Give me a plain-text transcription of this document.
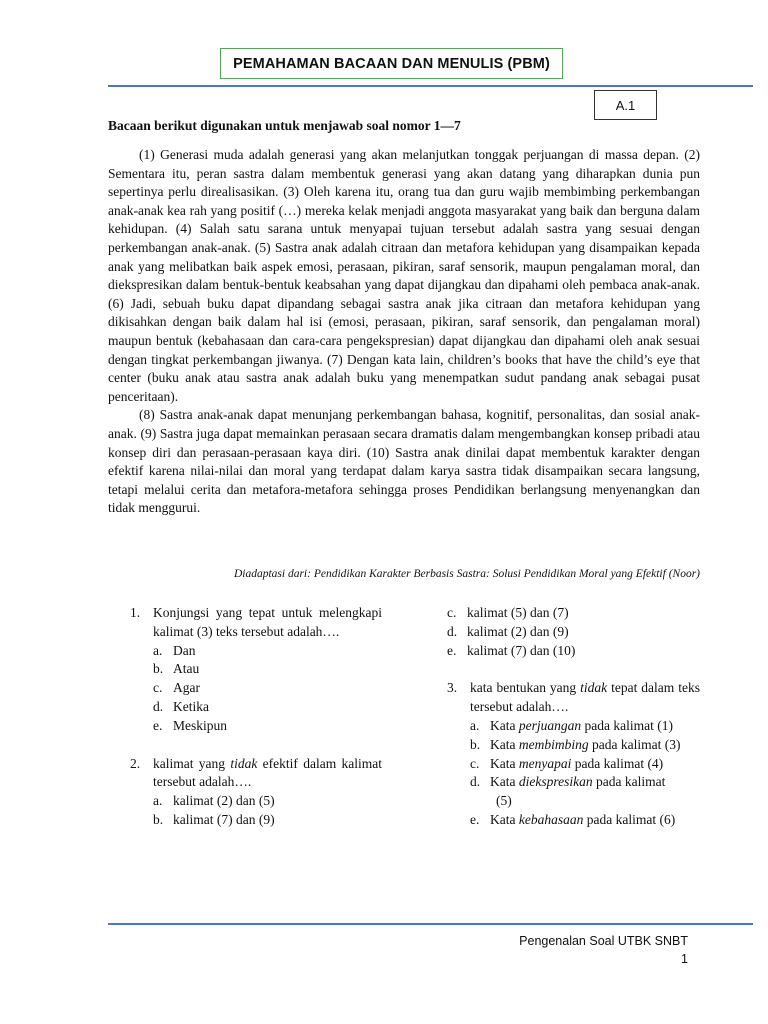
PEMAHAMAN BACAAN DAN MENULIS (PBM)
A.1
Bacaan berikut digunakan untuk menjawab soal nomor 1—7

(1) Generasi muda adalah generasi yang akan melanjutkan tonggak perjuangan di massa depan. (2) Sementara itu, peran sastra dalam membentuk generasi yang akan datang yang diharapkan dunia pun sepertinya perlu direalisasikan. (3) Oleh karena itu, orang tua dan guru wajib membimbing perkembangan anak-anak kea rah yang positif (…) mereka kelak menjadi anggota masyarakat yang baik dan berguna dalam kehidupan. (4) Salah satu sarana untuk menyapai tujuan tersebut adalah sastra yang sesuai dengan perkembangan anak-anak. (5) Sastra anak adalah citraan dan metafora kehidupan yang disampaikan kepada anak yang melibatkan baik aspek emosi, perasaan, pikiran, saraf sensorik, maupun pengalaman moral, dan diekspresikan dalam bentuk-bentuk keabsahan yang dapat dijangkau dan dipahami oleh pembaca anak-anak. (6) Jadi, sebuah buku dapat dipandang sebagai sastra anak jika citraan dan metafora kehidupan yang dikisahkan dengan baik dalam hal isi (emosi, perasaan, pikiran, saraf sensorik, dan pengalaman moral) maupun bentuk (kebahasaan dan cara-cara pengekspresian) dapat dijangkau dan dipahami oleh anak sesuai dengan tingkat perkembangan jiwanya. (7) Dengan kata lain, children’s books that have the child’s eye that center (buku anak atau sastra anak adalah buku yang menempatkan sudut pandang anak sebagai pusat penceritaan).

(8) Sastra anak-anak dapat menunjang perkembangan bahasa, kognitif, personalitas, dan sosial anak-anak. (9) Sastra juga dapat memainkan perasaan secara dramatis dalam mengembangkan konsep pribadi atau konsep diri dan perasaan-perasaan kaya diri. (10) Sastra anak dinilai dapat membentuk karakter dengan efektif karena nilai-nilai dan moral yang terdapat dalam karya sastra tidak disampaikan secara langsung, tetapi melalui cerita dan metafora-metafora sehingga proses Pendidikan berlangsung menyenangkan dan tidak menggurui.

Diadaptasi dari: Pendidikan Karakter Berbasis Sastra: Solusi Pendidikan Moral yang Efektif (Noor)
1. Konjungsi yang tepat untuk melengkapi kalimat (3) teks tersebut adalah….
a. Dan
b. Atau
c. Agar
d. Ketika
e. Meskipun
2. kalimat yang tidak efektif dalam kalimat tersebut adalah….
a. kalimat (2) dan (5)
b. kalimat (7) dan (9)
c. kalimat (5) dan (7)
d. kalimat (2) dan (9)
e. kalimat (7) dan (10)
3. kata bentukan yang tidak tepat dalam teks tersebut adalah….
a. Kata perjuangan pada kalimat (1)
b. Kata membimbing pada kalimat (3)
c. Kata menyapai pada kalimat (4)
d. Kata diekspresikan pada kalimat
(5)
e. Kata kebahasaan pada kalimat (6)
Pengenalan Soal UTBK SNBT
1
